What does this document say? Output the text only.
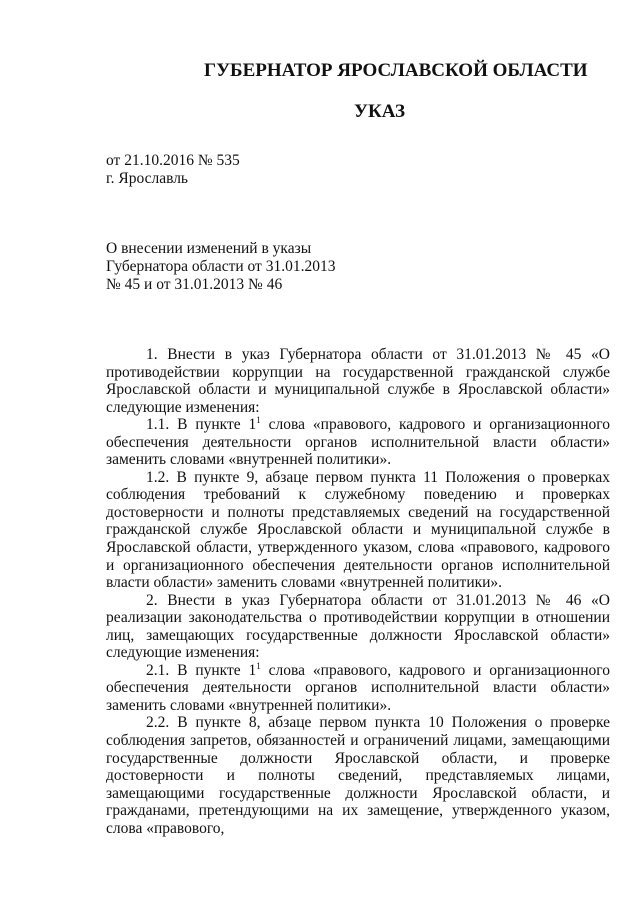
ГУБЕРНАТОР ЯРОСЛАВСКОЙ ОБЛАСТИ
УКАЗ
от 21.10.2016 № 535
г. Ярославль
О внесении изменений в указы
Губернатора области от 31.01.2013
№ 45 и от 31.01.2013 № 46

1. Внести в указ Губернатора области от 31.01.2013 № 45 «О противодействии коррупции на государственной гражданской службе Ярославской области и муниципальной службе в Ярославской области» следующие изменения:

1.1. В пункте $1^1$ слова «правового, кадрового и организационного обеспечения деятельности органов исполнительной власти области» заменить словами «внутренней политики».

1.2. В пункте 9, абзаце первом пункта 11 Положения о проверках соблюдения требований к служебному поведению и проверках достоверности и полноты представляемых сведений на государственной гражданской службе Ярославской области и муниципальной службе в Ярославской области, утвержденного указом, слова «правового, кадрового и организационного обеспечения деятельности органов исполнительной власти области» заменить словами «внутренней политики».

2. Внести в указ Губернатора области от 31.01.2013 № 46 «О реализации законодательства о противодействии коррупции в отношении лиц, замещающих государственные должности Ярославской области» следующие изменения:

2.1. В пункте $1^1$ слова «правового, кадрового и организационного обеспечения деятельности органов исполнительной власти области» заменить словами «внутренней политики».

2.2. В пункте 8, абзаце первом пункта 10 Положения о проверке соблюдения запретов, обязанностей и ограничений лицами, замещающими государственные должности Ярославской области, и проверке достоверности и полноты сведений, представляемых лицами, замещающими государственные должности Ярославской области, и гражданами, претендующими на их замещение, утвержденного указом, слова «правового,
